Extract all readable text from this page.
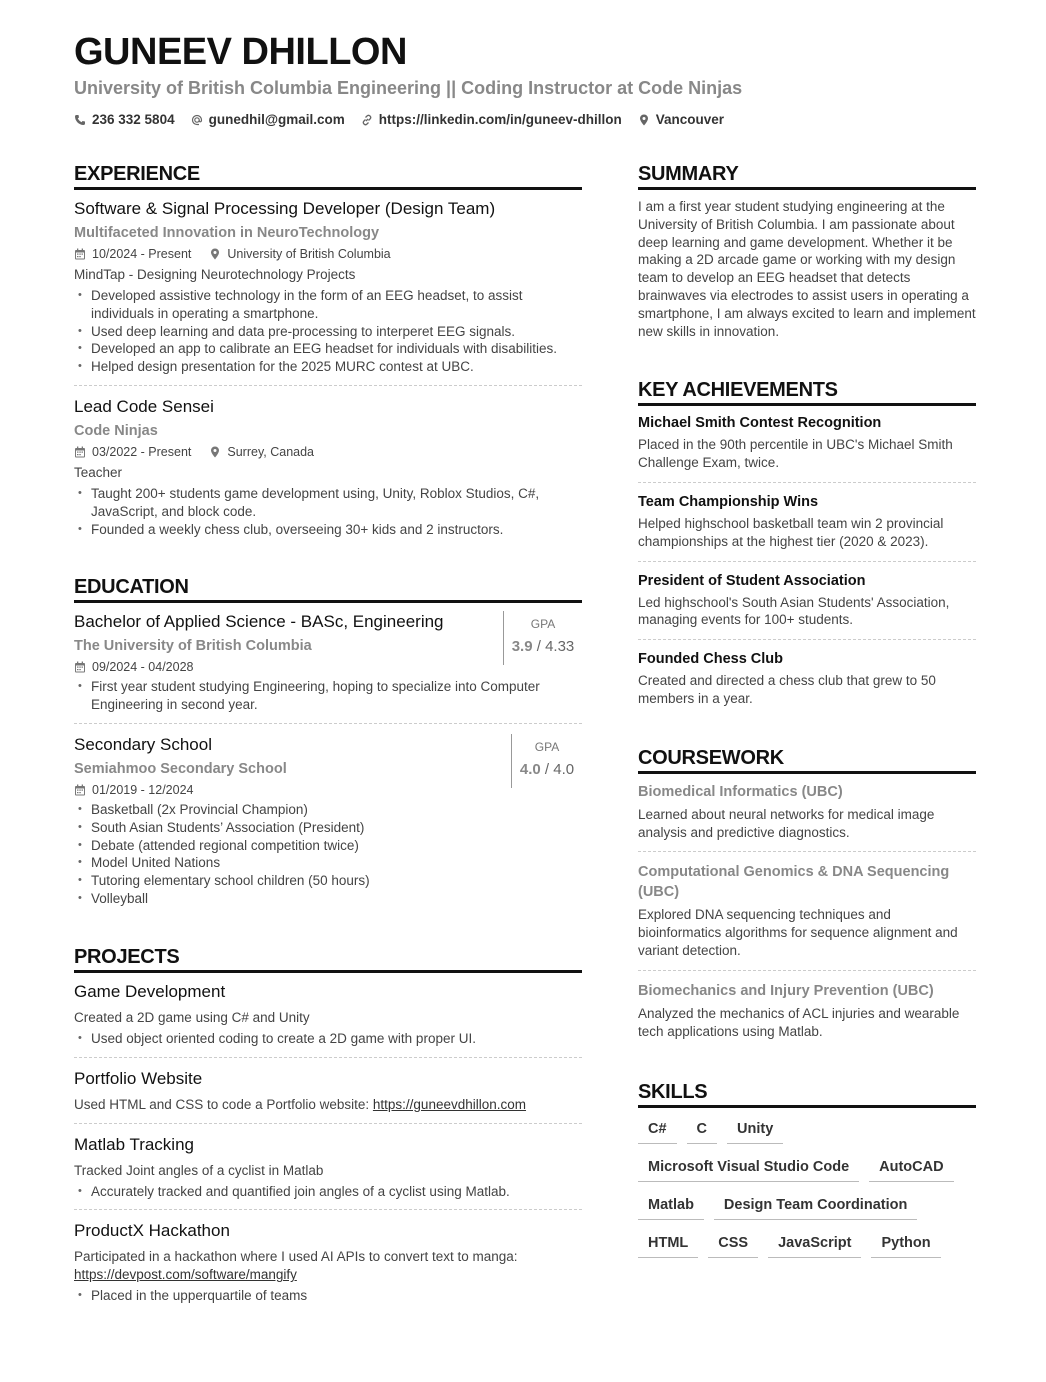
GUNEEV DHILLON
University of British Columbia Engineering || Coding Instructor at Code Ninjas
236 332 5804	gunedhil@gmail.com	https://linkedin.com/in/guneev-dhillon	Vancouver
EXPERIENCE
Software & Signal Processing Developer (Design Team)
Multifaceted Innovation in NeuroTechnology
10/2024 - Present	University of British Columbia
MindTap - Designing Neurotechnology Projects
• Developed assistive technology in the form of an EEG headset, to assist individuals in operating a smartphone.
• Used deep learning and data pre-processing to interperet EEG signals.
• Developed an app to calibrate an EEG headset for individuals with disabilities.
• Helped design presentation for the 2025 MURC contest at UBC.
Lead Code Sensei
Code Ninjas
03/2022 - Present	Surrey, Canada
Teacher
• Taught 200+ students game development using, Unity, Roblox Studios, C#, JavaScript, and block code.
• Founded a weekly chess club, overseeing 30+ kids and 2 instructors.
EDUCATION
Bachelor of Applied Science - BASc, Engineering
The University of British Columbia
09/2024 - 04/2028
• First year student studying Engineering, hoping to specialize into Computer Engineering in second year.
GPA
3.9 / 4.33
Secondary School
Semiahmoo Secondary School
01/2019 - 12/2024
• Basketball (2x Provincial Champion)
• South Asian Students’ Association (President)
• Debate (attended regional competition twice)
• Model United Nations
• Tutoring elementary school children (50 hours)
• Volleyball
GPA
4.0 / 4.0
PROJECTS
Game Development
Created a 2D game using C# and Unity
• Used object oriented coding to create a 2D game with proper UI.
Portfolio Website
Used HTML and CSS to code a Portfolio website: https://guneevdhillon.com
Matlab Tracking
Tracked Joint angles of a cyclist in Matlab
• Accurately tracked and quantified join angles of a cyclist using Matlab.
ProductX Hackathon
Participated in a hackathon where I used AI APIs to convert text to manga: https://devpost.com/software/mangify
• Placed in the upperquartile of teams
SUMMARY
I am a first year student studying engineering at the University of British Columbia. I am passionate about deep learning and game development. Whether it be making a 2D arcade game or working with my design team to develop an EEG headset that detects brainwaves via electrodes to assist users in operating a smartphone, I am always excited to learn and implement new skills in innovation.
KEY ACHIEVEMENTS
Michael Smith Contest Recognition
Placed in the 90th percentile in UBC's Michael Smith Challenge Exam, twice.
Team Championship Wins
Helped highschool basketball team win 2 provincial championships at the highest tier (2020 & 2023).
President of Student Association
Led highschool's South Asian Students' Association, managing events for 100+ students.
Founded Chess Club
Created and directed a chess club that grew to 50 members in a year.
COURSEWORK
Biomedical Informatics (UBC)
Learned about neural networks for medical image analysis and predictive diagnostics.
Computational Genomics & DNA Sequencing (UBC)
Explored DNA sequencing techniques and bioinformatics algorithms for sequence alignment and variant detection.
Biomechanics and Injury Prevention (UBC)
Analyzed the mechanics of ACL injuries and wearable tech applications using Matlab.
SKILLS
C#	C	Unity
Microsoft Visual Studio Code	AutoCAD
Matlab	Design Team Coordination
HTML	CSS	JavaScript	Python
